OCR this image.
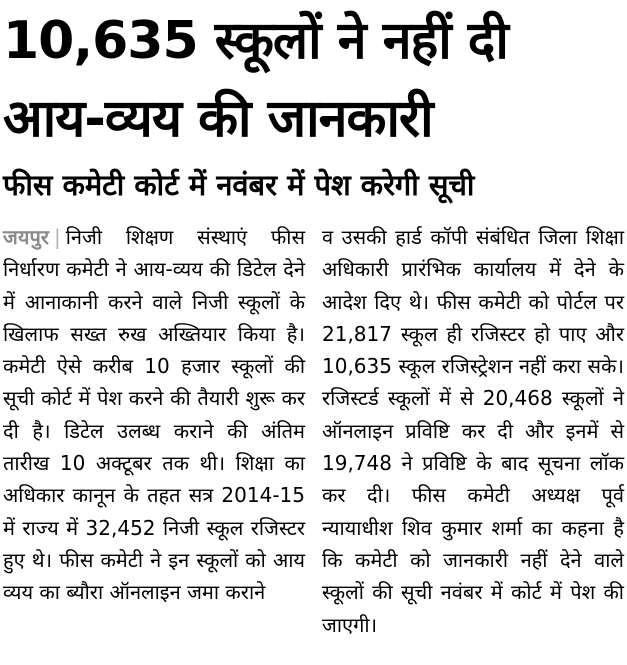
10,635 स्कूलों ने नहीं दी
आय-व्यय की जानकारी
फीस कमेटी कोर्ट में नवंबर में पेश करेगी सूची
जयपुर | निजी शिक्षण संस्थाएं फीस निर्धारण कमेटी ने आय-व्यय की डिटेल देने में आनाकानी करने वाले निजी स्कूलों के खिलाफ सख्त रुख अख्तियार किया है। कमेटी ऐसे करीब 10 हजार स्कूलों की सूची कोर्ट में पेश करने की तैयारी शुरू कर दी है। डिटेल उलब्ध कराने की अंतिम तारीख 10 अक्टूबर तक थी। शिक्षा का अधिकार कानून के तहत सत्र 2014-15 में राज्य में 32,452 निजी स्कूल रजिस्टर हुए थे। फीस कमेटी ने इन स्कूलों को आय व्यय का ब्यौरा ऑनलाइन जमा कराने
व उसकी हार्ड कॉपी संबंधित जिला शिक्षा अधिकारी प्रारंभिक कार्यालय में देने के आदेश दिए थे। फीस कमेटी को पोर्टल पर 21,817 स्कूल ही रजिस्टर हो पाए और 10,635 स्कूल रजिस्ट्रेशन नहीं करा सके। रजिस्टर्ड स्कूलों में से 20,468 स्कूलों ने ऑनलाइन प्रविष्टि कर दी और इनमें से 19,748 ने प्रविष्टि के बाद सूचना लॉक कर दी। फीस कमेटी अध्यक्ष पूर्व न्यायाधीश शिव कुमार शर्मा का कहना है कि कमेटी को जानकारी नहीं देने वाले स्कूलों की सूची नवंबर में कोर्ट में पेश की जाएगी।
